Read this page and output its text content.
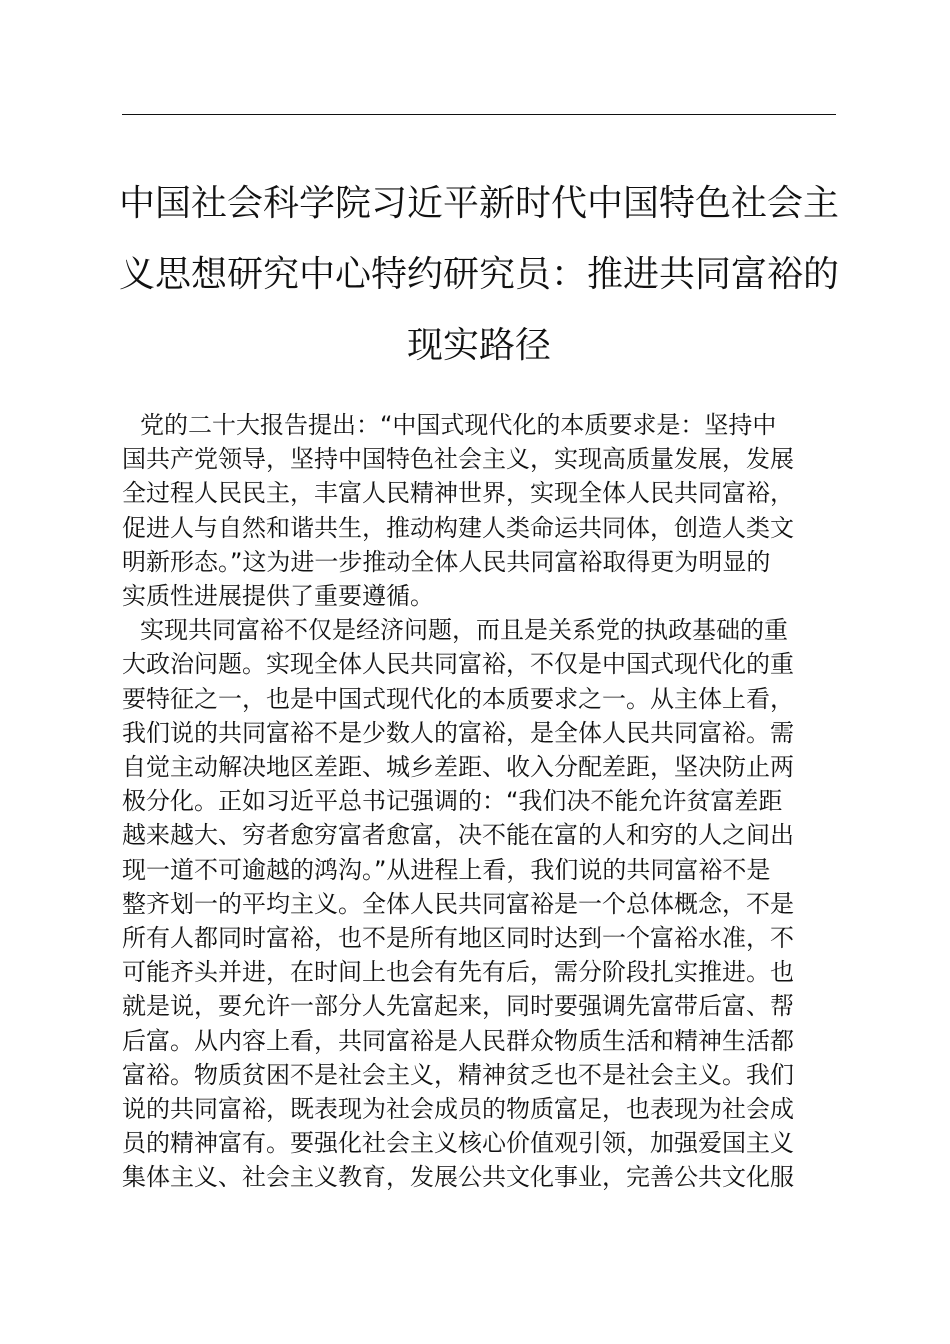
中国社会科学院习近平新时代中国特色社会主
义思想研究中心特约研究员：推进共同富裕的
现实路径
党的二十大报告提出：“中国式现代化的本质要求是：坚持中
国共产党领导，坚持中国特色社会主义，实现高质量发展，发展
全过程人民民主，丰富人民精神世界，实现全体人民共同富裕，
促进人与自然和谐共生，推动构建人类命运共同体，创造人类文
明新形态。”这为进一步推动全体人民共同富裕取得更为明显的
实质性进展提供了重要遵循。
实现共同富裕不仅是经济问题，而且是关系党的执政基础的重
大政治问题。实现全体人民共同富裕，不仅是中国式现代化的重
要特征之一，也是中国式现代化的本质要求之一。从主体上看，
我们说的共同富裕不是少数人的富裕，是全体人民共同富裕。需
自觉主动解决地区差距、城乡差距、收入分配差距，坚决防止两
极分化。正如习近平总书记强调的：“我们决不能允许贫富差距
越来越大、穷者愈穷富者愈富，决不能在富的人和穷的人之间出
现一道不可逾越的鸿沟。”从进程上看，我们说的共同富裕不是
整齐划一的平均主义。全体人民共同富裕是一个总体概念，不是
所有人都同时富裕，也不是所有地区同时达到一个富裕水准，不
可能齐头并进，在时间上也会有先有后，需分阶段扎实推进。也
就是说，要允许一部分人先富起来，同时要强调先富带后富、帮
后富。从内容上看，共同富裕是人民群众物质生活和精神生活都
富裕。物质贫困不是社会主义，精神贫乏也不是社会主义。我们
说的共同富裕，既表现为社会成员的物质富足，也表现为社会成
员的精神富有。要强化社会主义核心价值观引领，加强爱国主义
集体主义、社会主义教育，发展公共文化事业，完善公共文化服
